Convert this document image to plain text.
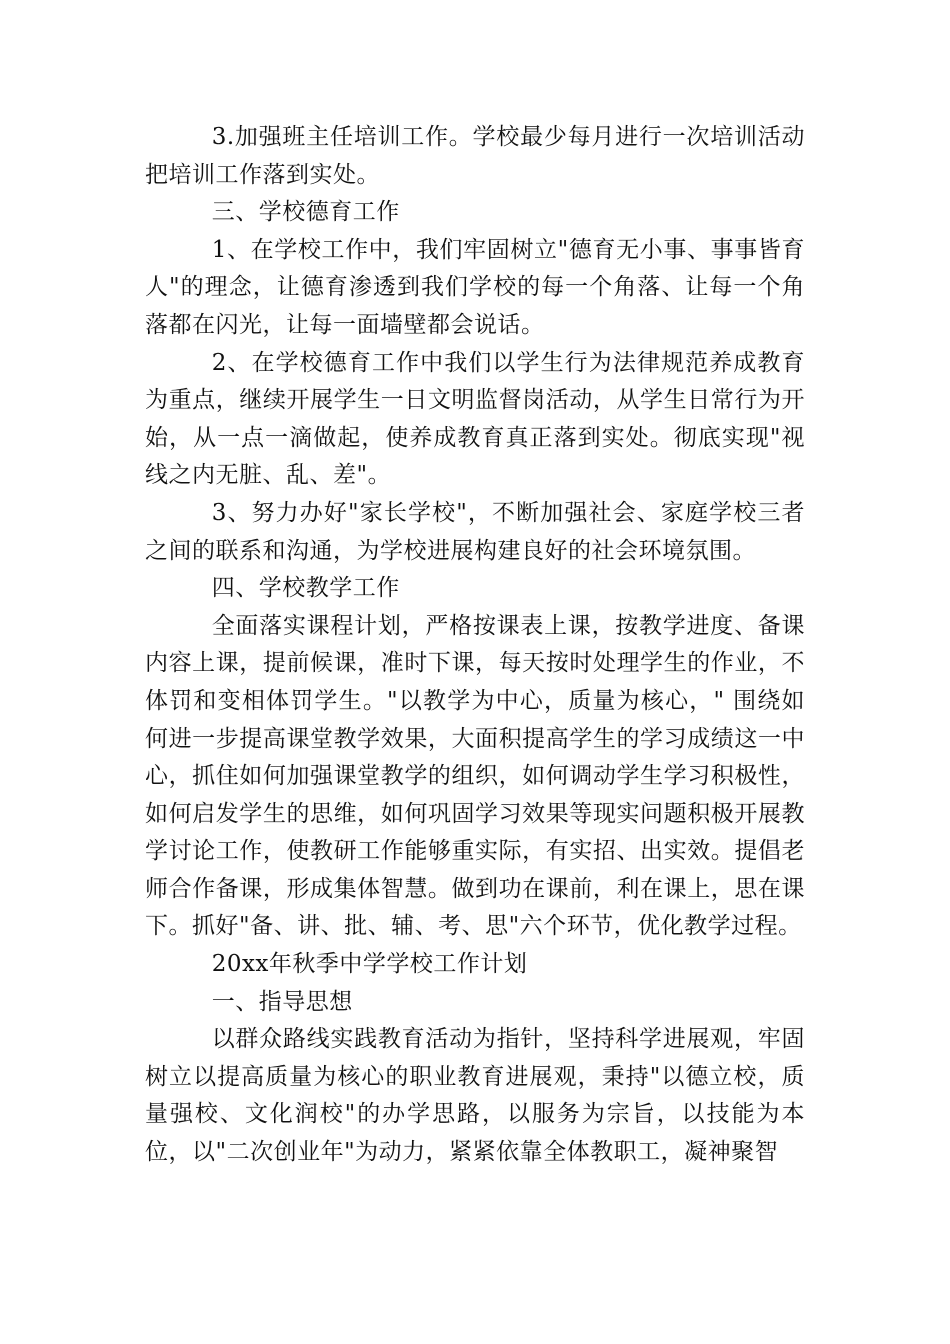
3.加强班主任培训工作。学校最少每月进行一次培训活动把培训工作落到实处。

三、学校德育工作

1、在学校工作中，我们牢固树立"德育无小事、事事皆育人"的理念，让德育渗透到我们学校的每一个角落、让每一个角落都在闪光，让每一面墙壁都会说话。

2、在学校德育工作中我们以学生行为法律规范养成教育为重点，继续开展学生一日文明监督岗活动，从学生日常行为开始，从一点一滴做起，使养成教育真正落到实处。彻底实现"视线之内无脏、乱、差"。

3、努力办好"家长学校"，不断加强社会、家庭学校三者之间的联系和沟通，为学校进展构建良好的社会环境氛围。

四、学校教学工作

全面落实课程计划，严格按课表上课，按教学进度、备课内容上课，提前候课，准时下课，每天按时处理学生的作业，不体罚和变相体罚学生。"以教学为中心，质量为核心，" 围绕如何进一步提高课堂教学效果，大面积提高学生的学习成绩这一中心，抓住如何加强课堂教学的组织，如何调动学生学习积极性，如何启发学生的思维，如何巩固学习效果等现实问题积极开展教学讨论工作，使教研工作能够重实际，有实招、出实效。提倡老师合作备课，形成集体智慧。做到功在课前，利在课上，思在课下。抓好"备、讲、批、辅、考、思"六个环节，优化教学过程。

20xx年秋季中学学校工作计划

一、指导思想

以群众路线实践教育活动为指针，坚持科学进展观，牢固树立以提高质量为核心的职业教育进展观，秉持"以德立校，质量强校、文化润校"的办学思路，以服务为宗旨，以技能为本位，以"二次创业年"为动力，紧紧依靠全体教职工，凝神聚智
